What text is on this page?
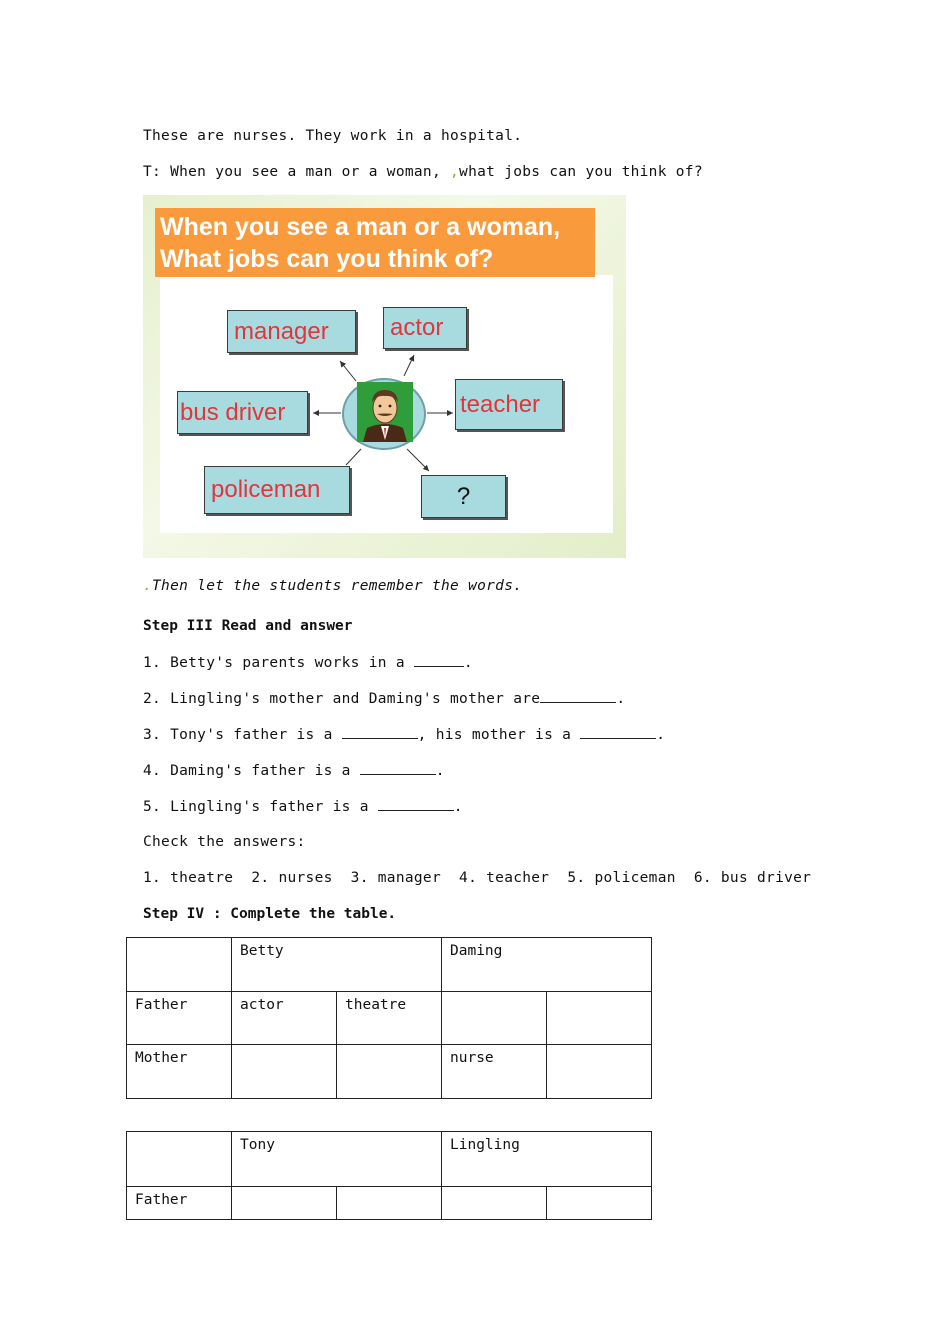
These are nurses. They work in a hospital.
T: When you see a man or a woman, ,what jobs can you think of?
When you see a man or a woman,
What jobs can you think of?
manager	actor
bus driver	teacher
policeman	?
.Then let the students remember the words.
Step III Read and answer
1. Betty's parents works in a	.
2. Lingling's mother and Daming's mother are	.
3. Tony's father is a	, his mother is a	.
4. Daming's father is a	.
5. Lingling's father is a	.
Check the answers:
1. theatre  2. nurses  3. manager  4. teacher  5. policeman  6. bus driver
Step IV : Complete the table.
	Betty		Daming	
Father	actor	theatre		
Mother			nurse	
	Tony		Lingling	
Father				
